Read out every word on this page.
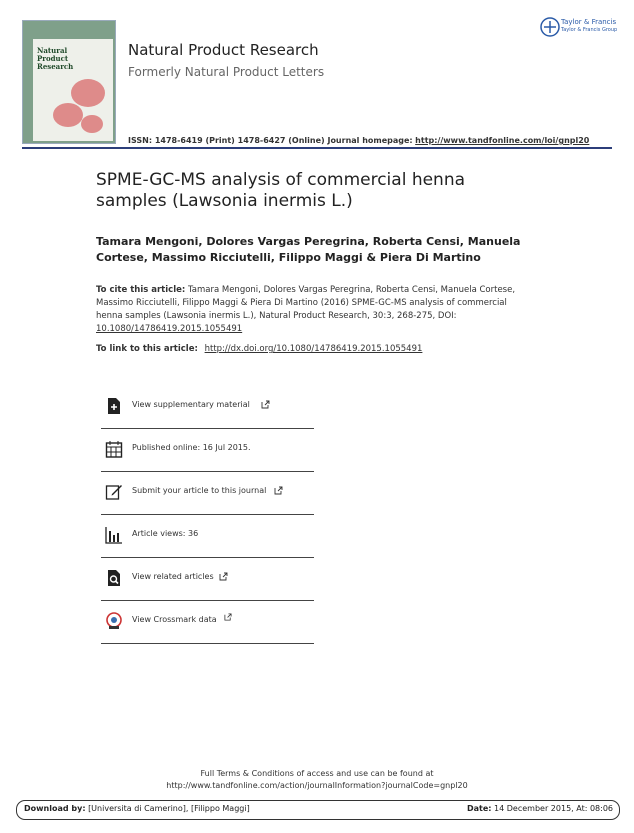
Natural
Product
Research
Natural Product Research
Formerly Natural Product Letters
ISSN: 1478-6419 (Print) 1478-6427 (Online) Journal homepage: http://www.tandfonline.com/loi/gnpl20
Taylor & Francis
Taylor & Francis Group
SPME-GC-MS analysis of commercial henna samples (Lawsonia inermis L.)
Tamara Mengoni, Dolores Vargas Peregrina, Roberta Censi, Manuela Cortese, Massimo Ricciutelli, Filippo Maggi & Piera Di Martino
To cite this article: Tamara Mengoni, Dolores Vargas Peregrina, Roberta Censi, Manuela Cortese, Massimo Ricciutelli, Filippo Maggi & Piera Di Martino (2016) SPME-GC-MS analysis of commercial henna samples (Lawsonia inermis L.), Natural Product Research, 30:3, 268-275, DOI: 10.1080/14786419.2015.1055491
To link to this article: http://dx.doi.org/10.1080/14786419.2015.1055491
View supplementary material
Published online: 16 Jul 2015.
Submit your article to this journal
Article views: 36
View related articles
View Crossmark data
Full Terms & Conditions of access and use can be found at
http://www.tandfonline.com/action/journalInformation?journalCode=gnpl20
Download by: [Universita di Camerino], [Filippo Maggi]	Date: 14 December 2015, At: 08:06
